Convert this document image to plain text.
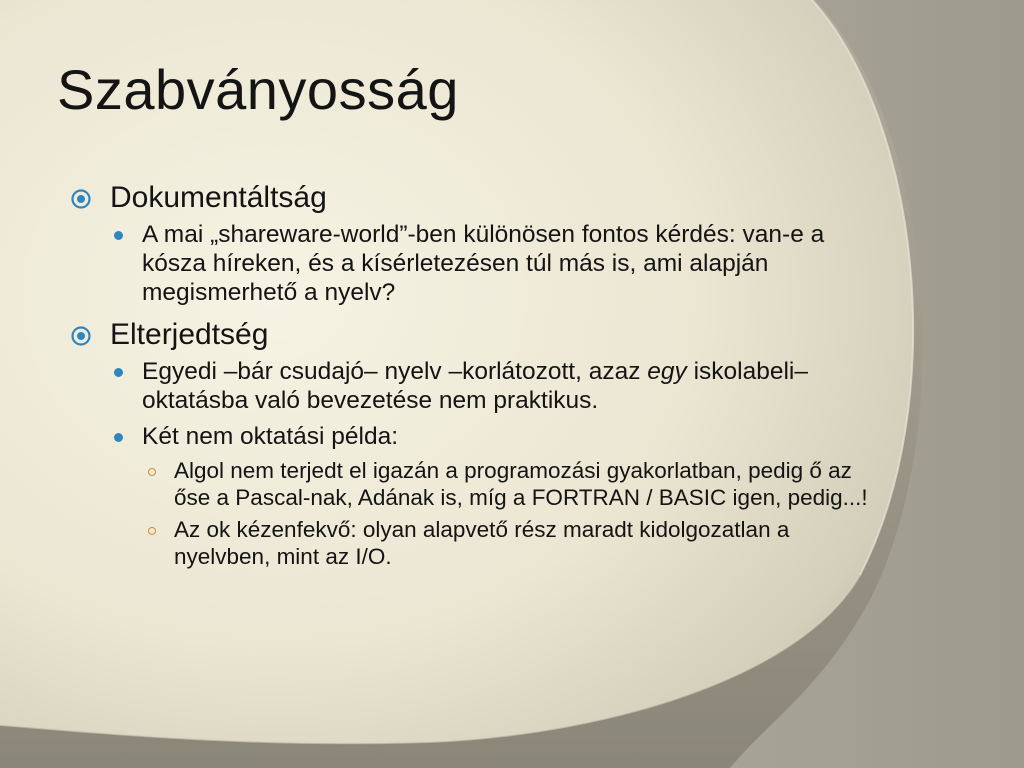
Szabványosság
Dokumentáltság
A mai „shareware-world”-ben különösen fontos kérdés: van-e a kósza híreken, és a kísérletezésen túl más is, ami alapján megismerhető a nyelv?
Elterjedtség
Egyedi –bár csudajó– nyelv –korlátozott, azaz egy iskolabeli– oktatásba való bevezetése nem praktikus.
Két nem oktatási példa:
Algol nem terjedt el igazán a programozási gyakorlatban, pedig ő az őse a Pascal-nak, Adának is, míg a FORTRAN / BASIC igen, pedig...!
Az ok kézenfekvő: olyan alapvető rész maradt kidolgozatlan a nyelvben, mint az I/O.
